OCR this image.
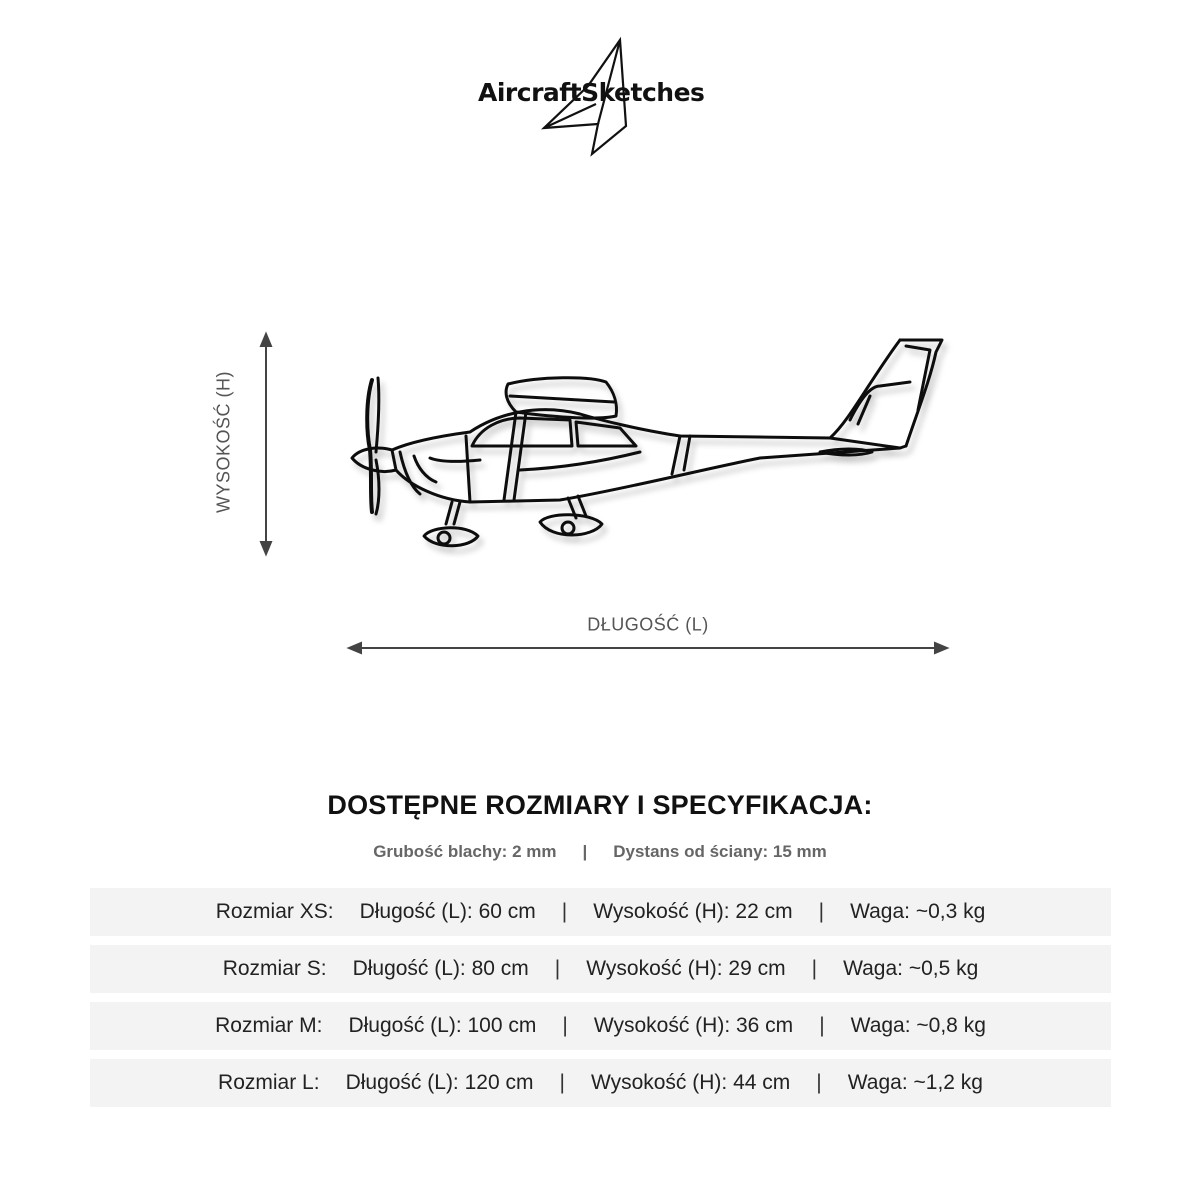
AircraftSketches
WYSOKOŚĆ (H)
DŁUGOŚĆ (L)
DOSTĘPNE ROZMIARY I SPECYFIKACJA:
Grubość blachy: 2 mm | Dystans od ściany: 15 mm
Rozmiar XS: Długość (L): 60 cm | Wysokość (H): 22 cm | Waga: ~0,3 kg
Rozmiar S: Długość (L): 80 cm | Wysokość (H): 29 cm | Waga: ~0,5 kg
Rozmiar M: Długość (L): 100 cm | Wysokość (H): 36 cm | Waga: ~0,8 kg
Rozmiar L: Długość (L): 120 cm | Wysokość (H): 44 cm | Waga: ~1,2 kg
